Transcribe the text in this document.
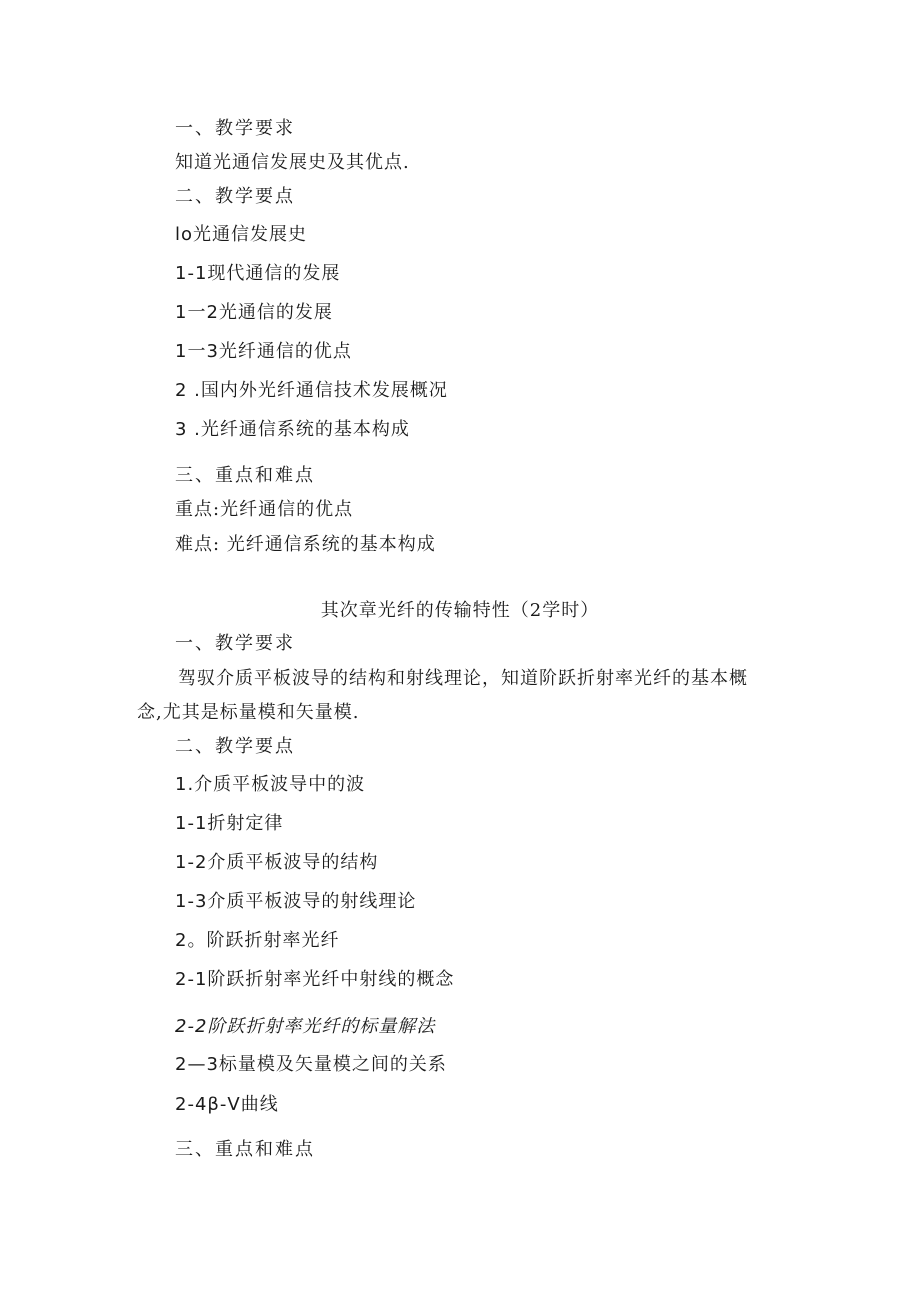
一、教学要求
知道光通信发展史及其优点.
二、教学要点
lo光通信发展史
1-1现代通信的发展
1一2光通信的发展
1一3光纤通信的优点
2 .国内外光纤通信技术发展概况
3 .光纤通信系统的基本构成
三、重点和难点
重点:光纤通信的优点
难点: 光纤通信系统的基本构成
其次章光纤的传输特性（2学时）
一、教学要求
驾驭介质平板波导的结构和射线理论，知道阶跃折射率光纤的基本概
念,尤其是标量模和矢量模.
二、教学要点
1.介质平板波导中的波
1-1折射定律
1-2介质平板波导的结构
1-3介质平板波导的射线理论
2。阶跃折射率光纤
2-1阶跃折射率光纤中射线的概念
2-2阶跃折射率光纤的标量解法
2—3标量模及矢量模之间的关系
2-4β-V曲线
三、重点和难点
